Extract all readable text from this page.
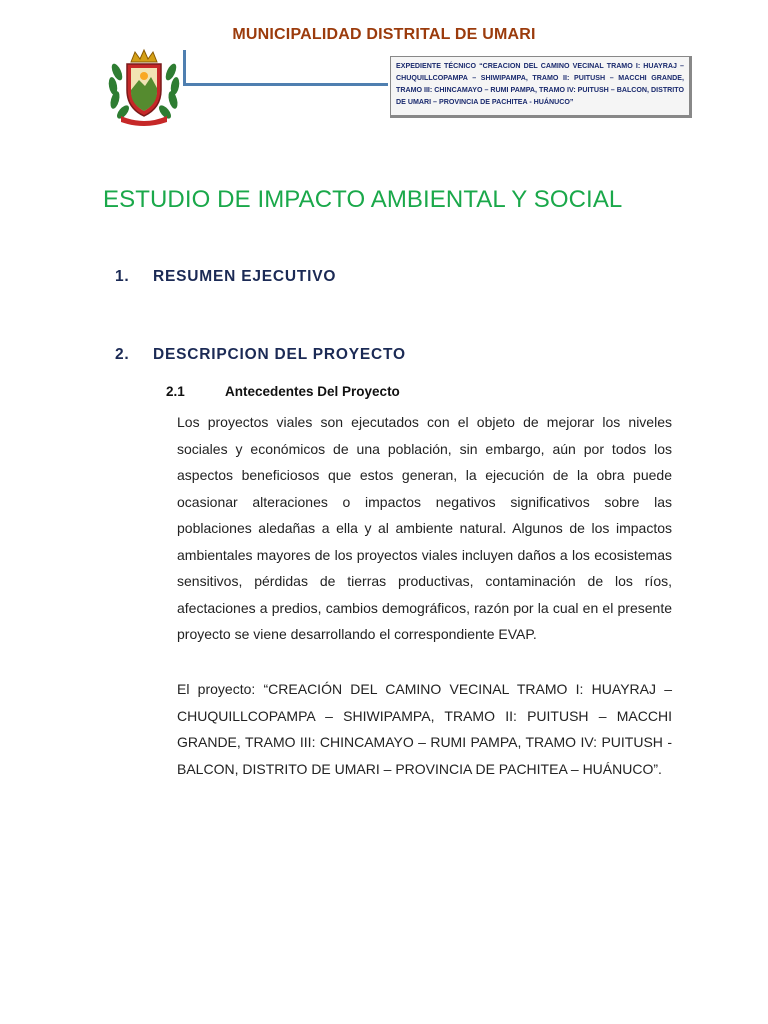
MUNICIPALIDAD DISTRITAL DE UMARI
EXPEDIENTE TÉCNICO “CREACION DEL CAMINO VECINAL TRAMO I: HUAYRAJ – CHUQUILLCOPAMPA – SHIWIPAMPA, TRAMO II: PUITUSH – MACCHI GRANDE, TRAMO III: CHINCAMAYO – RUMI PAMPA, TRAMO IV: PUITUSH – BALCON, DISTRITO DE UMARI – PROVINCIA DE PACHITEA - HUÁNUCO”
ESTUDIO DE IMPACTO AMBIENTAL Y SOCIAL
1. RESUMEN EJECUTIVO
2. DESCRIPCION DEL PROYECTO
2.1	Antecedentes Del Proyecto

Los proyectos viales son ejecutados con el objeto de mejorar los niveles sociales y económicos de una población, sin embargo, aún por todos los aspectos beneficiosos que estos generan, la ejecución de la obra puede ocasionar alteraciones o impactos negativos significativos sobre las poblaciones aledañas a ella y al ambiente natural. Algunos de los impactos ambientales mayores de los proyectos viales incluyen daños a los ecosistemas sensitivos, pérdidas de tierras productivas, contaminación de los ríos, afectaciones a predios, cambios demográficos, razón por la cual en el presente proyecto se viene desarrollando el correspondiente EVAP.

El proyecto: “CREACIÓN DEL CAMINO VECINAL TRAMO I: HUAYRAJ – CHUQUILLCOPAMPA – SHIWIPAMPA, TRAMO II: PUITUSH – MACCHI GRANDE, TRAMO III: CHINCAMAYO – RUMI PAMPA, TRAMO IV: PUITUSH - BALCON, DISTRITO DE UMARI – PROVINCIA DE PACHITEA – HUÁNUCO”.
